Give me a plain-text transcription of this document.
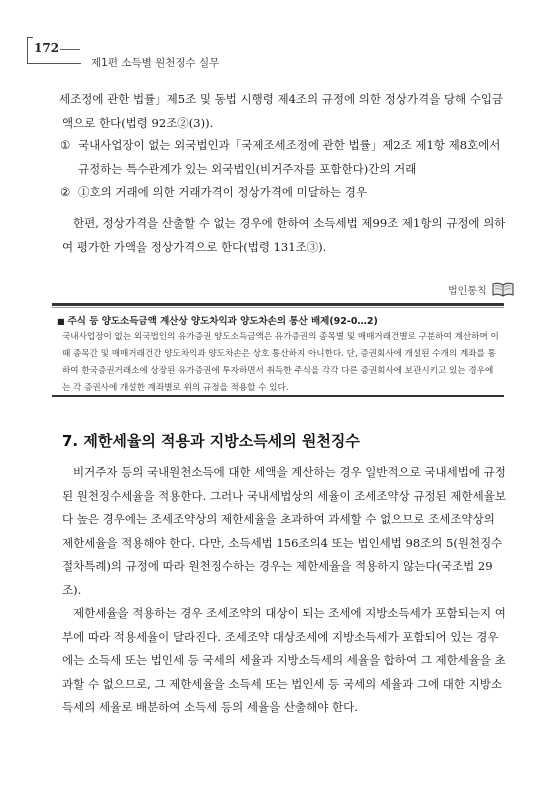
172
제1편 소득별 원천징수 실무

세조정에 관한 법률」제5조 및 동법 시행령 제4조의 규정에 의한 정상가격을 당해 수입금액으로 한다(법령 92조②(3)).

① 국내사업장이 없는 외국법인과「국제조세조정에 관한 법률」제2조 제1항 제8호에서 규정하는 특수관계가 있는 외국법인(비거주자를 포함한다)간의 거래
② ①호의 거래에 의한 거래가격이 정상가격에 미달하는 경우

한편, 정상가격을 산출할 수 없는 경우에 한하여 소득세법 제99조 제1항의 규정에 의하여 평가한 가액을 정상가격으로 한다(법령 131조③).

법인통칙

■ 주식 등 양도소득금액 계산상 양도차익과 양도차손의 통산 배제(92-0…2)

국내사업장이 없는 외국법인의 유가증권 양도소득금액은 유가증권의 종목별 및 매매거래건별로 구분하여 계산하며 이때 종목간 및 매매거래건간 양도차익과 양도차손은 상호 통산하지 아니한다. 단, 증권회사에 개설된 수개의 계좌를 통하여 한국증권거래소에 상장된 유가증권에 투자하면서 취득한 주식을 각각 다른 증권회사에 보관시키고 있는 경우에는 각 증권사에 개설한 계좌별로 위의 규정을 적용할 수 있다.

7. 제한세율의 적용과 지방소득세의 원천징수

비거주자 등의 국내원천소득에 대한 세액을 계산하는 경우 일반적으로 국내세법에 규정된 원천징수세율을 적용한다. 그러나 국내세법상의 세율이 조세조약상 규정된 제한세율보다 높은 경우에는 조세조약상의 제한세율을 초과하여 과세할 수 없으므로 조세조약상의 제한세율을 적용해야 한다. 다만, 소득세법 156조의4 또는 법인세법 98조의 5(원천징수 절차특례)의 규정에 따라 원천징수하는 경우는 제한세율을 적용하지 않는다(국조법 29조).

제한세율을 적용하는 경우 조세조약의 대상이 되는 조세에 지방소득세가 포함되는지 여부에 따라 적용세율이 달라진다. 조세조약 대상조세에 지방소득세가 포함되어 있는 경우에는 소득세 또는 법인세 등 국세의 세율과 지방소득세의 세율을 합하여 그 제한세율을 초과할 수 없으므로, 그 제한세율을 소득세 또는 법인세 등 국세의 세율과 그에 대한 지방소득세의 세율로 배분하여 소득세 등의 세율을 산출해야 한다.
